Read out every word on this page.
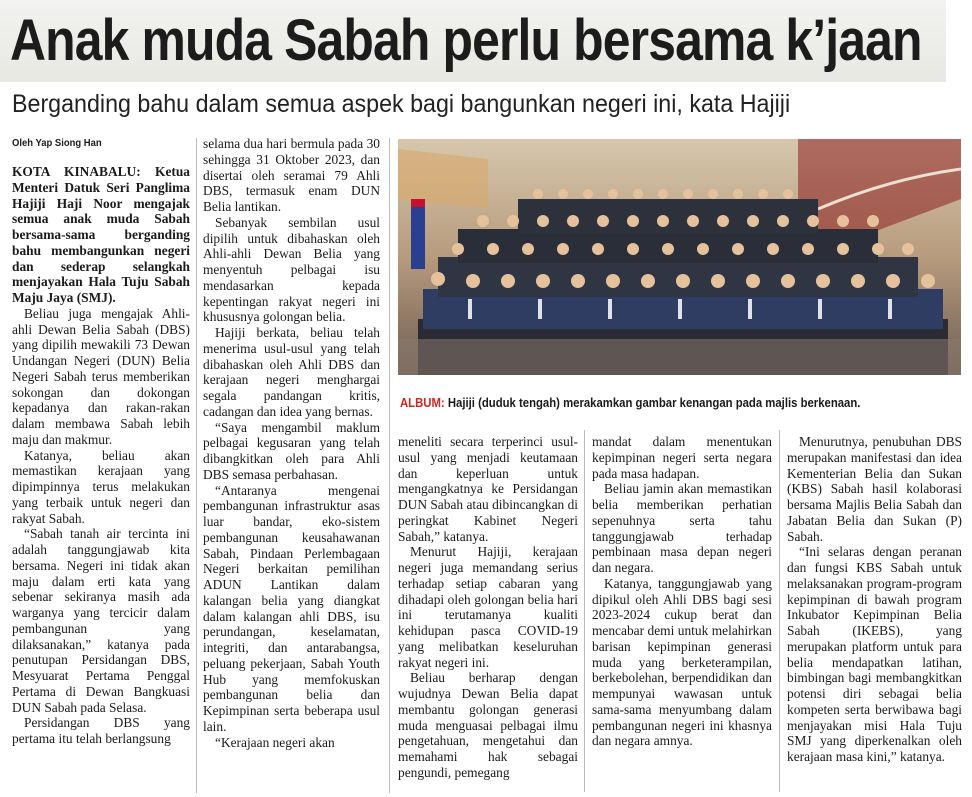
Anak muda Sabah perlu bersama k’jaan
Berganding bahu dalam semua aspek bagi bangunkan negeri ini, kata Hajiji
Oleh Yap Siong Han

KOTA KINABALU: Ketua Menteri Datuk Seri Panglima Hajiji Haji Noor mengajak semua anak muda Sabah bersama-sama berganding bahu membangunkan negeri dan sederap selangkah menjayakan Hala Tuju Sabah Maju Jaya (SMJ).

Beliau juga mengajak Ahli-ahli Dewan Belia Sabah (DBS) yang dipilih mewakili 73 Dewan Undangan Negeri (DUN) Belia Negeri Sabah terus memberikan sokongan dan dokongan kepadanya dan rakan-rakan dalam membawa Sabah lebih maju dan makmur.

Katanya, beliau akan memastikan kerajaan yang dipimpinnya terus melakukan yang terbaik untuk negeri dan rakyat Sabah.

“Sabah tanah air tercinta ini adalah tanggungjawab kita bersama. Negeri ini tidak akan maju dalam erti kata yang sebenar sekiranya masih ada warganya yang tercicir dalam pembangunan yang dilaksanakan,” katanya pada penutupan Persidangan DBS, Mesyuarat Pertama Penggal Pertama di Dewan Bangkuasi DUN Sabah pada Selasa.

Persidangan DBS yang pertama itu telah berlangsung

selama dua hari bermula pada 30 sehingga 31 Oktober 2023, dan disertai oleh seramai 79 Ahli DBS, termasuk enam DUN Belia lantikan.

Sebanyak sembilan usul dipilih untuk dibahaskan oleh Ahli-ahli Dewan Belia yang menyentuh pelbagai isu mendasarkan kepada kepentingan rakyat negeri ini khususnya golongan belia.

Hajiji berkata, beliau telah menerima usul-usul yang telah dibahaskan oleh Ahli DBS dan kerajaan negeri menghargai segala pandangan kritis, cadangan dan idea yang bernas.

“Saya mengambil maklum pelbagai kegusaran yang telah dibangkitkan oleh para Ahli DBS semasa perbahasan.

“Antaranya mengenai pembangunan infrastruktur asas luar bandar, eko-sistem pembangunan keusahawanan Sabah, Pindaan Perlembagaan Negeri berkaitan pemilihan ADUN Lantikan dalam kalangan belia yang diangkat dalam kalangan ahli DBS, isu perundangan, keselamatan, integriti, dan antarabangsa, peluang pekerjaan, Sabah Youth Hub yang memfokuskan pembangunan belia dan Kepimpinan serta beberapa usul lain.

“Kerajaan negeri akan

ALBUM: Hajiji (duduk tengah) merakamkan gambar kenangan pada majlis berkenaan.

meneliti secara terperinci usul-usul yang menjadi keutamaan dan keperluan untuk mengangkatnya ke Persidangan DUN Sabah atau dibincangkan di peringkat Kabinet Negeri Sabah,” katanya.

Menurut Hajiji, kerajaan negeri juga memandang serius terhadap setiap cabaran yang dihadapi oleh golongan belia hari ini terutamanya kualiti kehidupan pasca COVID-19 yang melibatkan keseluruhan rakyat negeri ini.

Beliau berharap dengan wujudnya Dewan Belia dapat membantu golongan generasi muda menguasai pelbagai ilmu pengetahuan, mengetahui dan memahami hak sebagai pengundi, pemegang

mandat dalam menentukan kepimpinan negeri serta negara pada masa hadapan.

Beliau jamin akan memastikan belia memberikan perhatian sepenuhnya serta tahu tanggungjawab terhadap pembinaan masa depan negeri dan negara.

Katanya, tanggungjawab yang dipikul oleh Ahli DBS bagi sesi 2023-2024 cukup berat dan mencabar demi untuk melahirkan barisan kepimpinan generasi muda yang berketerampilan, berkebolehan, berpendidikan dan mempunyai wawasan untuk sama-sama menyumbang dalam pembangunan negeri ini khasnya dan negara amnya.

Menurutnya, penubuhan DBS merupakan manifestasi dan idea Kementerian Belia dan Sukan (KBS) Sabah hasil kolaborasi bersama Majlis Belia Sabah dan Jabatan Belia dan Sukan (P) Sabah.

“Ini selaras dengan peranan dan fungsi KBS Sabah untuk melaksanakan program-program kepimpinan di bawah program Inkubator Kepimpinan Belia Sabah (IKEBS), yang merupakan platform untuk para belia mendapatkan latihan, bimbingan bagi membangkitkan potensi diri sebagai belia kompeten serta berwibawa bagi menjayakan misi Hala Tuju SMJ yang diperkenalkan oleh kerajaan masa kini,” katanya.
